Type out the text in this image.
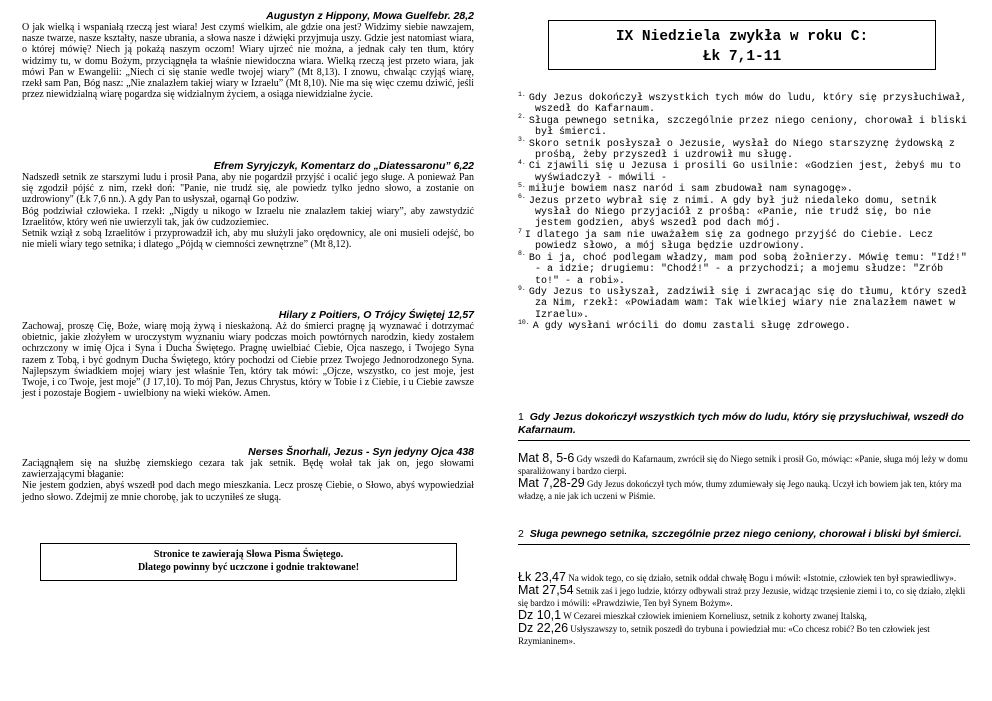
Augustyn z Hippony, Mowa Guelfebr. 28,2

O jak wielką i wspaniałą rzeczą jest wiara! Jest czymś wielkim, ale gdzie ona jest? Widzimy siebie nawzajem, nasze twarze, nasze kształty, nasze ubrania, a słowa nasze i dźwięki przyjmuja uszy. Gdzie jest natomiast wiara, o której mówię? Niech ją pokażą naszym oczom! Wiary ujrzeć nie można, a jednak cały ten tłum, który widzimy tu, w domu Bożym, przyciągnęła ta właśnie niewidoczna wiara. Wielką rzeczą jest przeto wiara, jak mówi Pan w Ewangelii: „Niech ci się stanie wedle twojej wiary” (Mt 8,13). I znowu, chwaląc czyjąś wiarę, rzekł sam Pan, Bóg nasz: „Nie znalazłem takiej wiary w Izraelu” (Mt 8,10). Nie ma się więc czemu dziwić, jeśli przez niewidzialną wiarę pogardza się widzialnym życiem, a osiąga niewidzialne życie.

Efrem Syryjczyk, Komentarz do „Diatessaronu” 6,22

Nadszedł setnik ze starszymi ludu i prosił Pana, aby nie pogardził przyjść i ocalić jego sługe. A ponieważ Pan się zgodził pójść z nim, rzekł doń: "Panie, nie trudź się, ale powiedz tylko jedno słowo, a zostanie on uzdrowiony" (Łk 7,6 nn.). A gdy Pan to usłyszał, ogarnął Go podziw.

Bóg podziwiał człowieka. I rzekł: „Nigdy u nikogo w Izraelu nie znalazłem takiej wiary”, aby zawstydzić Izraelitów, który weń nie uwierzyli tak, jak ów cudzoziemiec.

Setnik wziął z sobą Izraelitów i przyprowadził ich, aby mu służyli jako orędownicy, ale oni musieli odejść, bo nie mieli wiary tego setnika; i dlatego „Pójdą w ciemności zewnętrzne” (Mt 8,12).

Hilary z Poitiers, O Trójcy Świętej 12,57

Zachowaj, proszę Cię, Boże, wiarę moją żywą i nieskażoną. Aż do śmierci pragnę ją wyznawać i dotrzymać obietnic, jakie złożyłem w uroczystym wyznaniu wiary podczas moich powtórnych narodzin, kiedy zostałem ochrzczony w imię Ojca i Syna i Ducha Świętego. Pragnę uwielbiać Ciebie, Ojca naszego, i Twojego Syna razem z Tobą, i być godnym Ducha Świętego, który pochodzi od Ciebie przez Twojego Jednorodzonego Syna. Najlepszym świadkiem mojej wiary jest właśnie Ten, który tak mówi: „Ojcze, wszystko, co jest moje, jest Twoje, i co Twoje, jest moje” (J 17,10). To mój Pan, Jezus Chrystus, który w Tobie i z Ciebie, i u Ciebie zawsze jest i pozostaje Bogiem - uwielbiony na wieki wieków. Amen.

Nerses Šnorhali, Jezus - Syn jedyny Ojca 438

Zaciągnąłem się na służbę ziemskiego cezara tak jak setnik. Będę wołał tak jak on, jego słowami zawierzającymi błaganie:

Nie jestem godzien, abyś wszedł pod dach mego mieszkania. Lecz proszę Ciebie, o Słowo, abyś wypowiedział jedno słowo. Zdejmij ze mnie chorobę, jak to uczyniłeś ze sługą.

Stronice te zawierają Słowa Pisma Świętego.
Dlatego powinny być uczczone i godnie traktowane!
IX Niedziela zwykła w roku C:
Łk 7,1-11
$^{1.}$ Gdy Jezus dokończył wszystkich tych mów do ludu, który się przysłuchiwał, wszedł do Kafarnaum.
$^{2.}$ Sługa pewnego setnika, szczególnie przez niego ceniony, chorował i bliski był śmierci.
$^{3.}$ Skoro setnik posłyszał o Jezusie, wysłał do Niego starszyznę żydowską z prośbą, żeby przyszedł i uzdrowił mu sługę.
$^{4.}$ Ci zjawili się u Jezusa i prosili Go usilnie: «Godzien jest, żebyś mu to wyświadczył - mówili -
$^{5.}$ miłuje bowiem nasz naród i sam zbudował nam synagogę».
$^{6.}$ Jezus przeto wybrał się z nimi. A gdy był już niedaleko domu, setnik wysłał do Niego przyjaciół z prośbą: «Panie, nie trudź się, bo nie jestem godzien, abyś wszedł pod dach mój.
$^7$ I dlatego ja sam nie uważałem się za godnego przyjść do Ciebie. Lecz powiedz słowo, a mój sługa będzie uzdrowiony.
$^{8.}$ Bo i ja, choć podlegam władzy, mam pod sobą żołnierzy. Mówię temu: "Idź!" - a idzie; drugiemu: "Chodź!" - a przychodzi; a mojemu słudze: "Zrób to!" - a robi».
$^{9.}$ Gdy Jezus to usłyszał, zadziwił się i zwracając się do tłumu, który szedł za Nim, rzekł: «Powiadam wam: Tak wielkiej wiary nie znalazłem nawet w Izraelu».
$^{10.}$ A gdy wysłani wrócili do domu zastali sługę zdrowego.
1 Gdy Jezus dokończył wszystkich tych mów do ludu, który się przysłuchiwał, wszedł do Kafarnaum.

Mat 8, 5-6 Gdy wszedł do Kafarnaum, zwrócił się do Niego setnik i prosił Go, mówiąc: «Panie, sługa mój leży w domu sparaliżowany i bardzo cierpi.

Mat 7,28-29 Gdy Jezus dokończył tych mów, tłumy zdumiewały się Jego nauką. Uczył ich bowiem jak ten, który ma władzę, a nie jak ich uczeni w Piśmie.

2 Sługa pewnego setnika, szczególnie przez niego ceniony, chorował i bliski był śmierci.

Łk 23,47 Na widok tego, co się działo, setnik oddał chwałę Bogu i mówił: «Istotnie, człowiek ten był sprawiedliwy».

Mat 27,54 Setnik zaś i jego ludzie, którzy odbywali straż przy Jezusie, widząc trzęsienie ziemi i to, co się działo, zlękli się bardzo i mówili: «Prawdziwie, Ten był Synem Bożym».

Dz 10,1 W Cezarei mieszkał człowiek imieniem Korneliusz, setnik z kohorty zwanej Italską,

Dz 22,26 Usłyszawszy to, setnik poszedł do trybuna i powiedział mu: «Co chcesz robić? Bo ten człowiek jest Rzymianinem».
